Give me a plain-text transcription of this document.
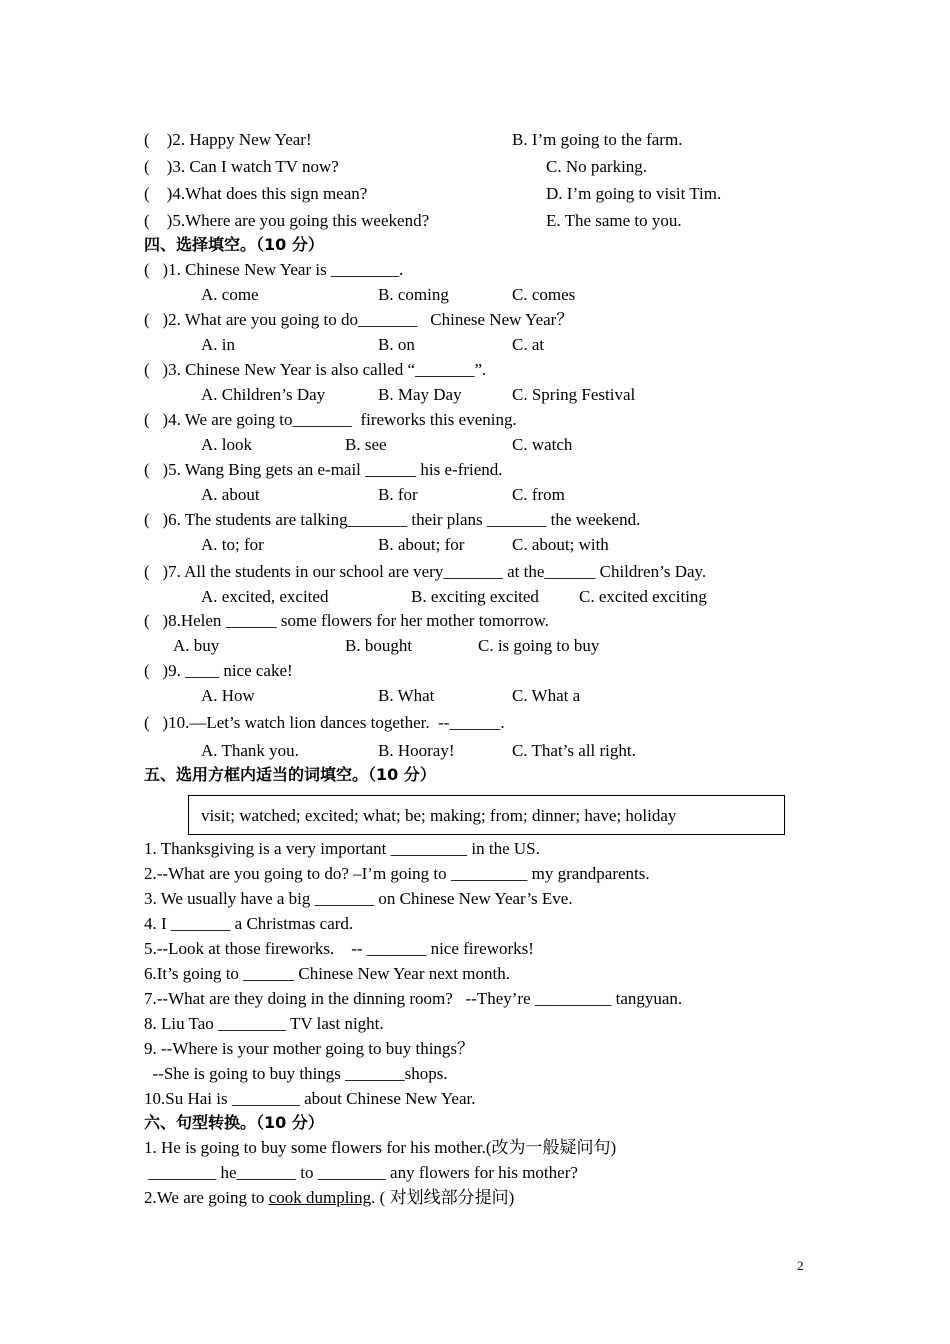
(    )2. Happy New Year!	B. I’m going to the farm.
(    )3. Can I watch TV now?	C. No parking.
(    )4.What does this sign mean?	D. I’m going to visit Tim.
(    )5.Where are you going this weekend?	E. The same to you.
四、选择填空。（10 分）
(   )1. Chinese New Year is ________.
A. come	B. coming	C. comes
(   )2. What are you going to do_______   Chinese New Year？
A. in	B. on	C. at
(   )3. Chinese New Year is also called “_______”.
A. Children’s Day	B. May Day	C. Spring Festival
(   )4. We are going to_______  fireworks this evening.
A. look	B. see	C. watch
(   )5. Wang Bing gets an e-mail ______ his e-friend.
A. about	B. for	C. from
(   )6. The students are talking_______ their plans _______ the weekend.
A. to; for	B. about; for	C. about; with
(   )7. All the students in our school are very_______ at the______ Children’s Day.
A. excited, excited	B. exciting excited C. excited exciting
(   )8.Helen ______ some flowers for her mother tomorrow.
A. buy	B. bought	C. is going to buy
(   )9. ____ nice cake!
A. How	B. What	C. What a
(   )10.—Let’s watch lion dances together.  --______.
A. Thank you.	B. Hooray!	C. That’s all right.
五、选用方框内适当的词填空。（10 分）
visit; watched; excited; what; be; making; from; dinner; have; holiday
1. Thanksgiving is a very important _________ in the US.
2.--What are you going to do? –I’m going to _________ my grandparents.
3. We usually have a big _______ on Chinese New Year’s Eve.
4. I _______ a Christmas card.
5.--Look at those fireworks.    -- _______ nice fireworks!
6.It’s going to ______ Chinese New Year next month.
7.--What are they doing in the dinning room?   --They’re _________ tangyuan.
8. Liu Tao ________ TV last night.
9. --Where is your mother going to buy things？
--She is going to buy things _______shops.
10.Su Hai is ________ about Chinese New Year.
六、句型转换。（10 分）
1. He is going to buy some flowers for his mother.(改为一般疑问句)
________ he_______ to ________ any flowers for his mother?
2.We are going to cook dumpling. ( 对划线部分提问)
2
